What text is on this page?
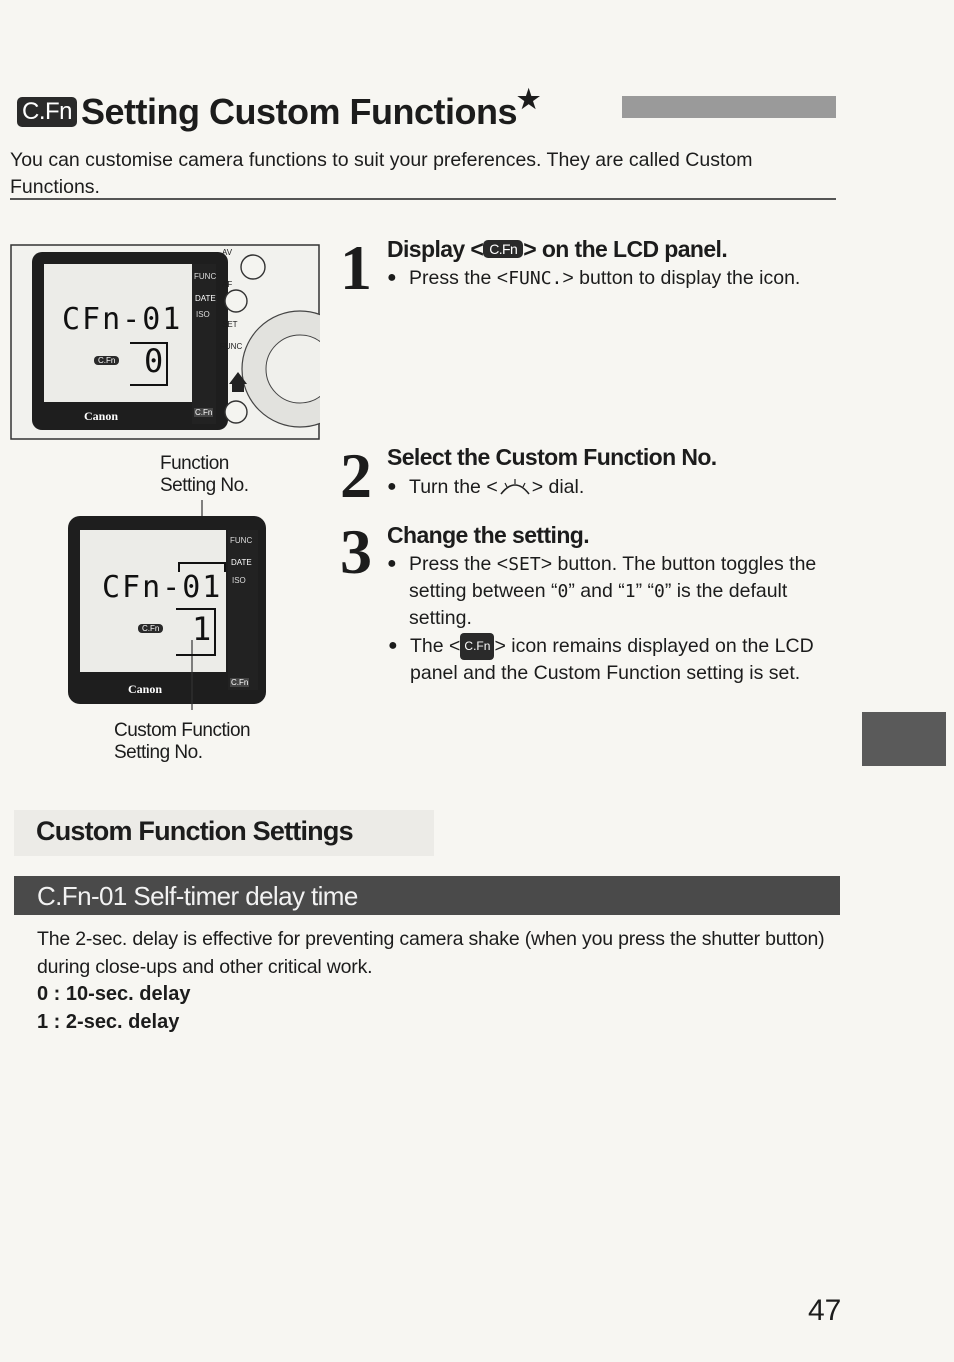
C.Fn Setting Custom Functions★
You can customise camera functions to suit your preferences. They are called Custom Functions.
CFn-01
C.Fn 0
Canon
FUNC
DATE
ISO
C.Fn
AV
AF
SET
FUNC
Function
Setting No.
CFn-01
C.Fn 1
Canon
FUNC
DATE
ISO
C.Fn
Custom Function
Setting No.
1 Display < C.Fn > on the LCD panel.
● Press the <FUNC.> button to display the icon.
2 Select the Custom Function No.
● Turn the < > dial.
3 Change the setting.
● Press the <SET> button. The button toggles the setting between “0” and “1” “0” is the default setting.
● The < C.Fn > icon remains displayed on the LCD panel and the Custom Function setting is set.
Custom Function Settings
C.Fn-01 Self-timer delay time
The 2-sec. delay is effective for preventing camera shake (when you press the shutter button) during close-ups and other critical work.
0 : 10-sec. delay
1 : 2-sec. delay
47
